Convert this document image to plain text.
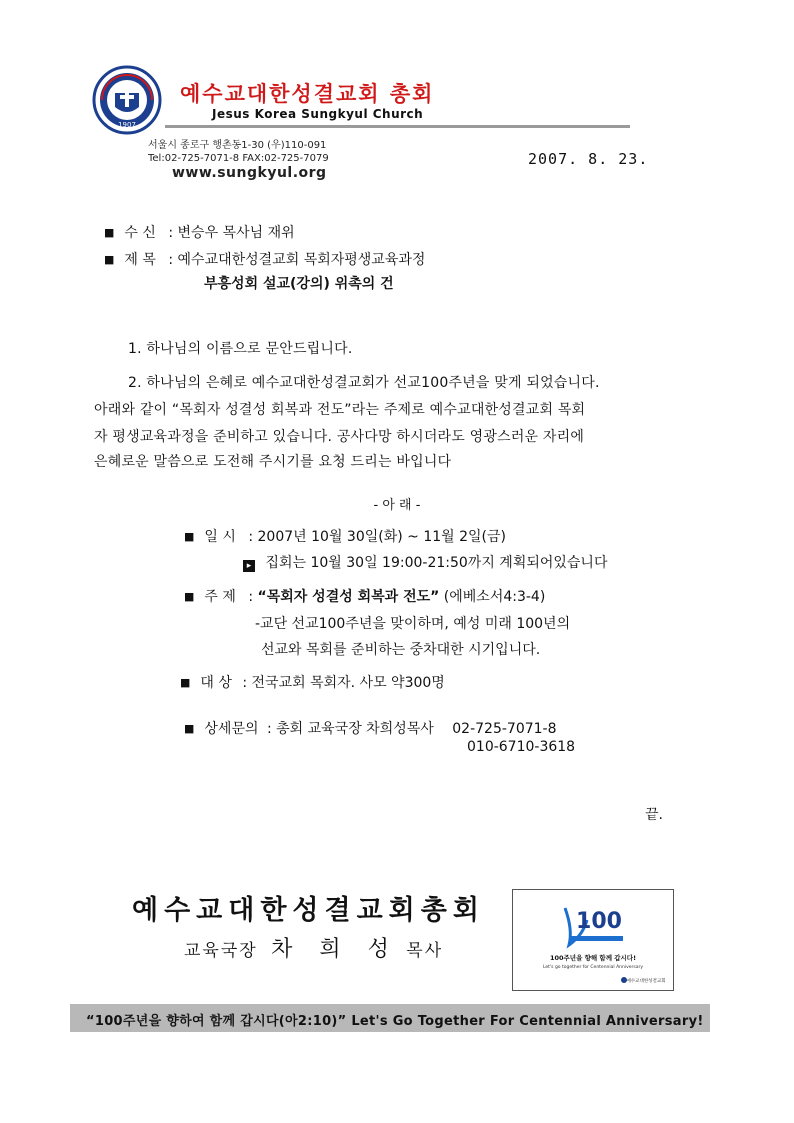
1907
예수교대한성결교회 총회
Jesus Korea Sungkyul Church
서울시 종로구 행촌동1-30 (우)110-091
Tel:02-725-7071-8 FAX:02-725-7079
www.sungkyul.org
2007. 8. 23.
■ 수 신 : 변승우 목사님 재위
■ 제 목 : 예수교대한성결교회 목회자평생교육과정
부흥성회 설교(강의) 위촉의 건
1. 하나님의 이름으로 문안드립니다.
2. 하나님의 은혜로 예수교대한성결교회가 선교100주년을 맞게 되었습니다.
아래와 같이 “목회자 성결성 회복과 전도”라는 주제로 예수교대한성결교회 목회
자 평생교육과정을 준비하고 있습니다. 공사다망 하시더라도 영광스러운 자리에
은혜로운 말씀으로 도전해 주시기를 요청 드리는 바입니다
- 아 래 -
■ 일 시 : 2007년 10월 30일(화) ~ 11월 2일(금)
▸ 집회는 10월 30일 19:00-21:50까지 계획되어있습니다
■ 주 제 : “목회자 성결성 회복과 전도” (에베소서4:3-4)
-교단 선교100주년을 맞이하며, 예성 미래 100년의
선교와 목회를 준비하는 중차대한 시기입니다.
■ 대 상 : 전국교회 목회자. 사모 약300명
■ 상세문의 : 총회 교육국장 차희성목사 02-725-7071-8
010-6710-3618
끝.
예수교대한성결교회총회
교육국장 차 희 성 목사
100
100주년을 향해 함께 갑시다!
Let's go together for Centennial Anniversary
예수교대한성결교회
“100주년을 향하여 함께 갑시다(아2:10)” Let's Go Together For Centennial Anniversary!
